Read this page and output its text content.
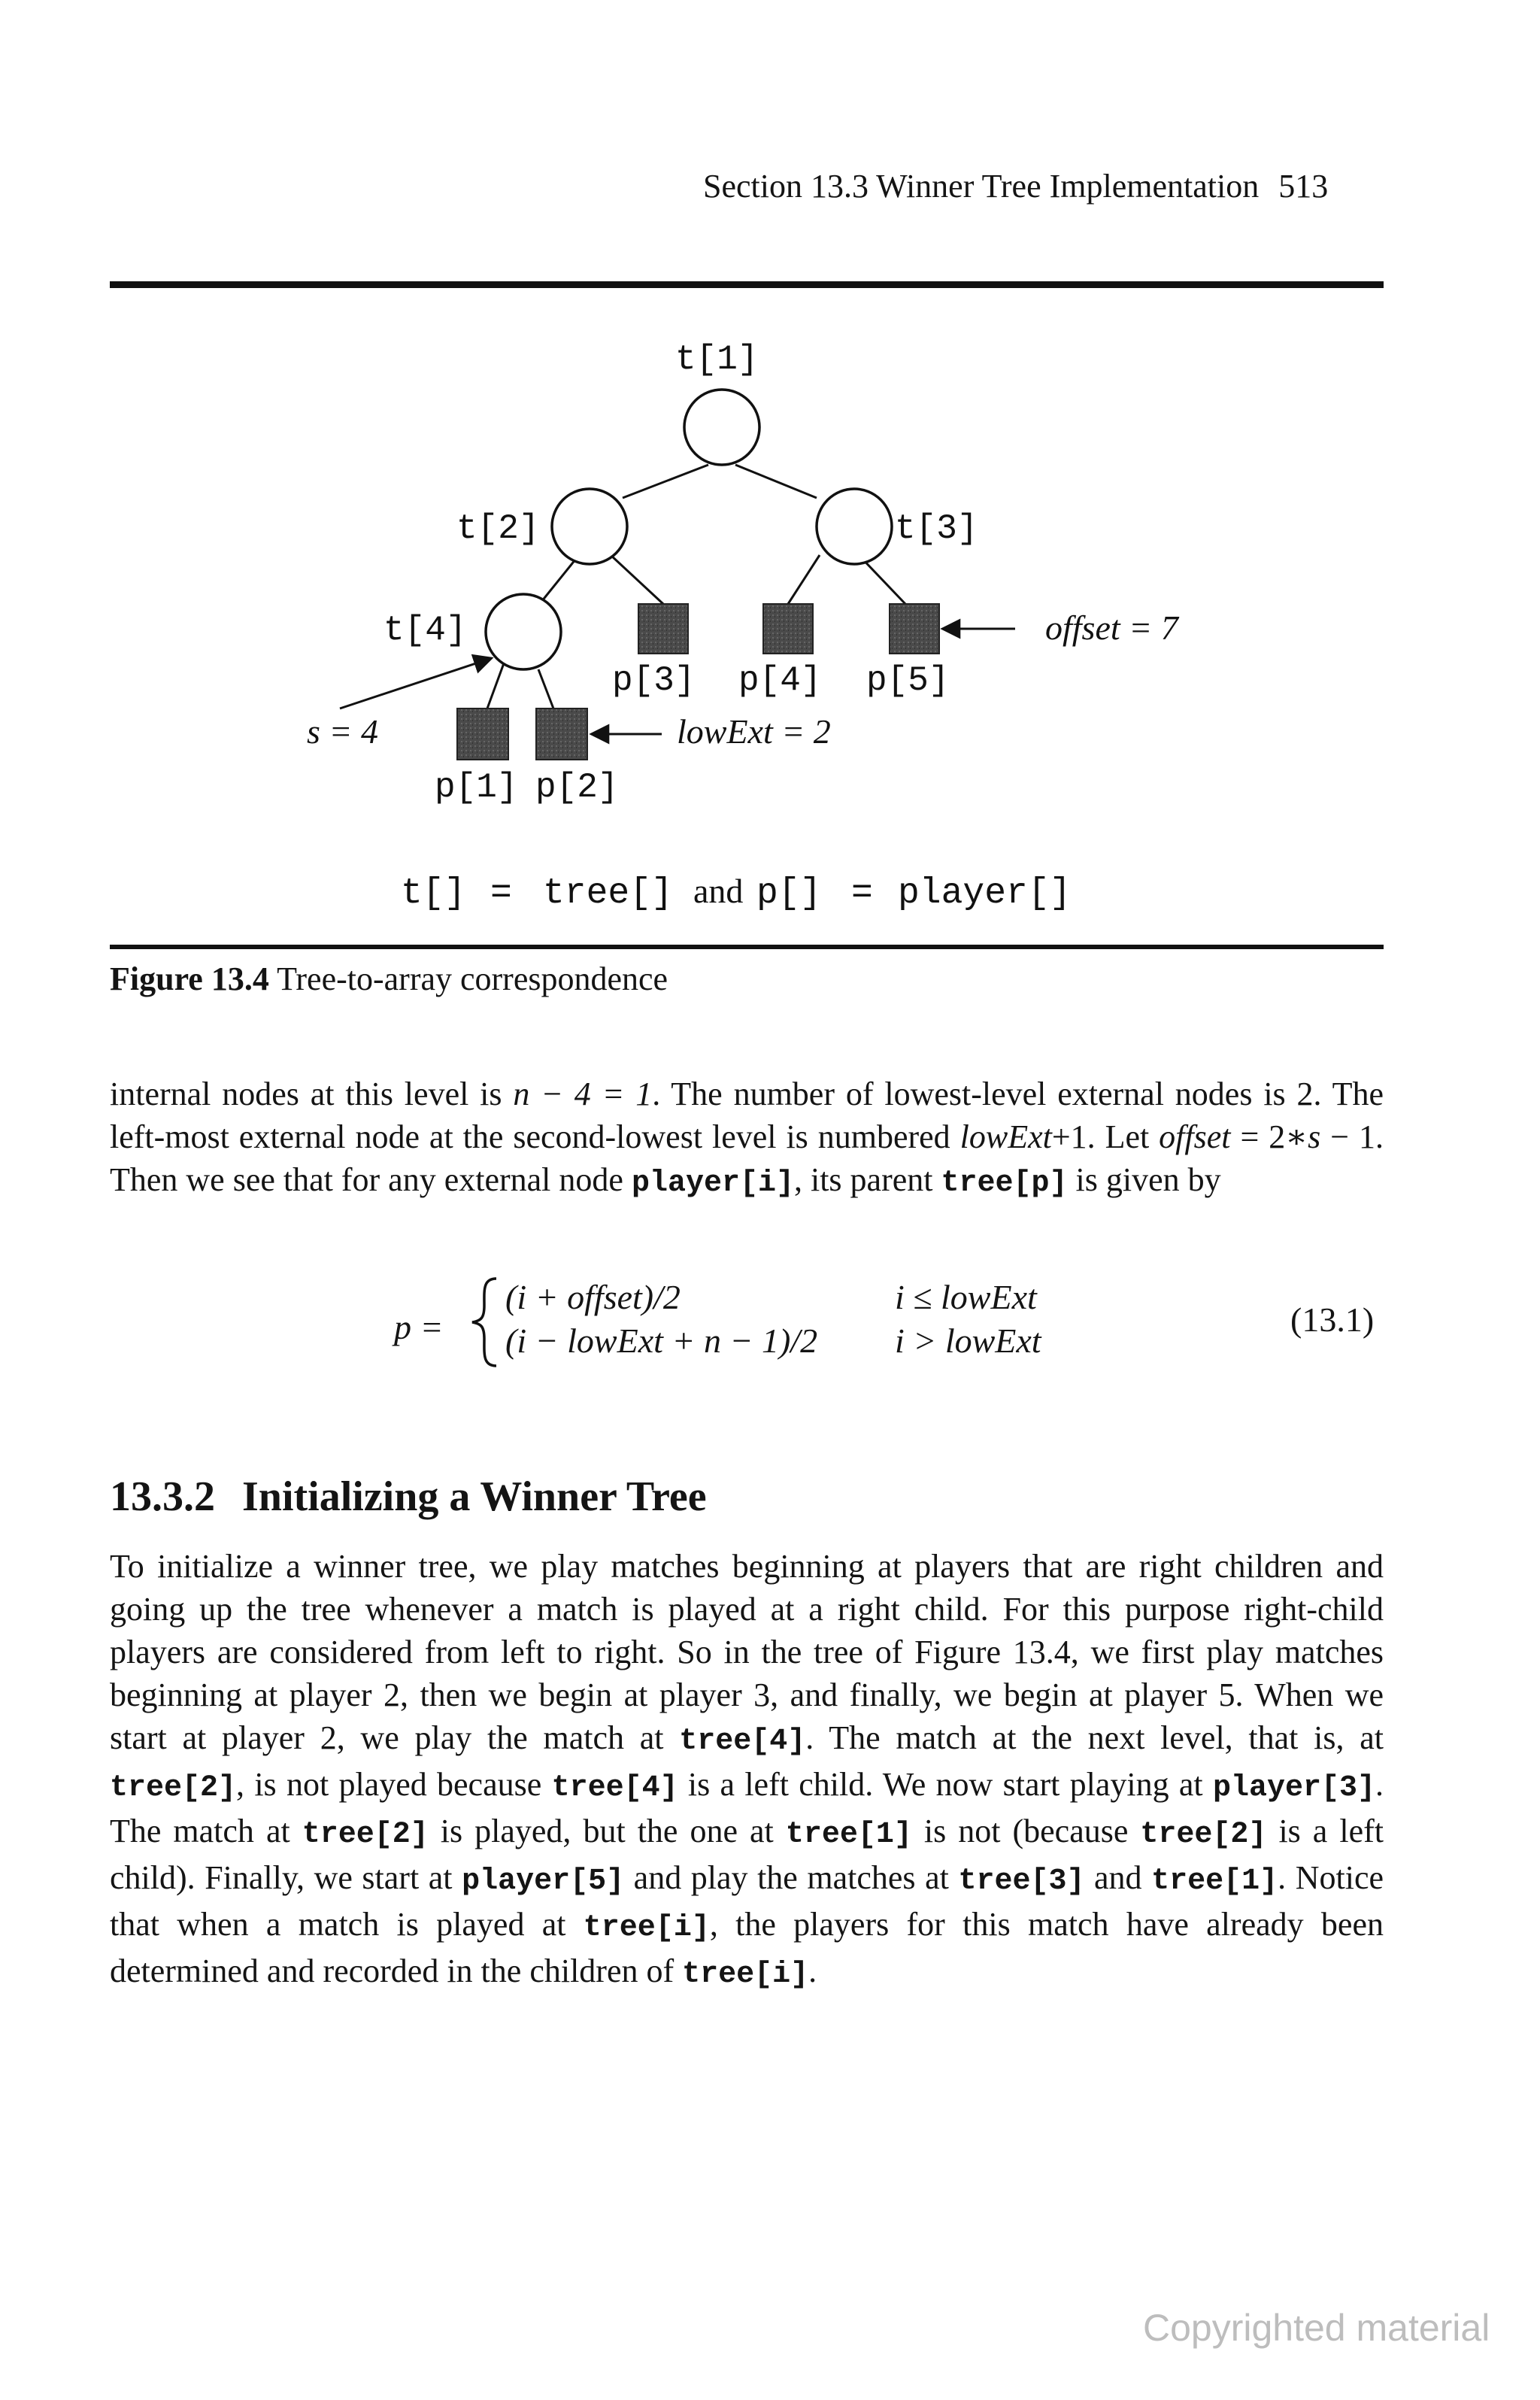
Section 13.3 Winner Tree Implementation 513
t[1]
t[2]	t[3]
t[4]
p[3] p[4] p[5]
p[1] p[2]
offset = 7
s = 4	lowExt = 2
t[] = tree[] and p[] = player[]
Figure 13.4 Tree-to-array correspondence
internal nodes at this level is n − 4 = 1. The number of lowest-level external nodes is 2. The left-most external node at the second-lowest level is numbered lowExt+1. Let offset = 2∗s − 1. Then we see that for any external node player[i], its parent tree[p] is given by
p =
(i + offset)/2	i ≤ lowExt
(i − lowExt + n − 1)/2 i > lowExt
(13.1)
13.3.2 Initializing a Winner Tree
To initialize a winner tree, we play matches beginning at players that are right children and going up the tree whenever a match is played at a right child. For this purpose right-child players are considered from left to right. So in the tree of Figure 13.4, we first play matches beginning at player 2, then we begin at player 3, and finally, we begin at player 5. When we start at player 2, we play the match at tree[4]. The match at the next level, that is, at tree[2], is not played because tree[4] is a left child. We now start playing at player[3]. The match at tree[2] is played, but the one at tree[1] is not (because tree[2] is a left child). Finally, we start at player[5] and play the matches at tree[3] and tree[1]. Notice that when a match is played at tree[i], the players for this match have already been determined and recorded in the children of tree[i].
Copyrighted material
